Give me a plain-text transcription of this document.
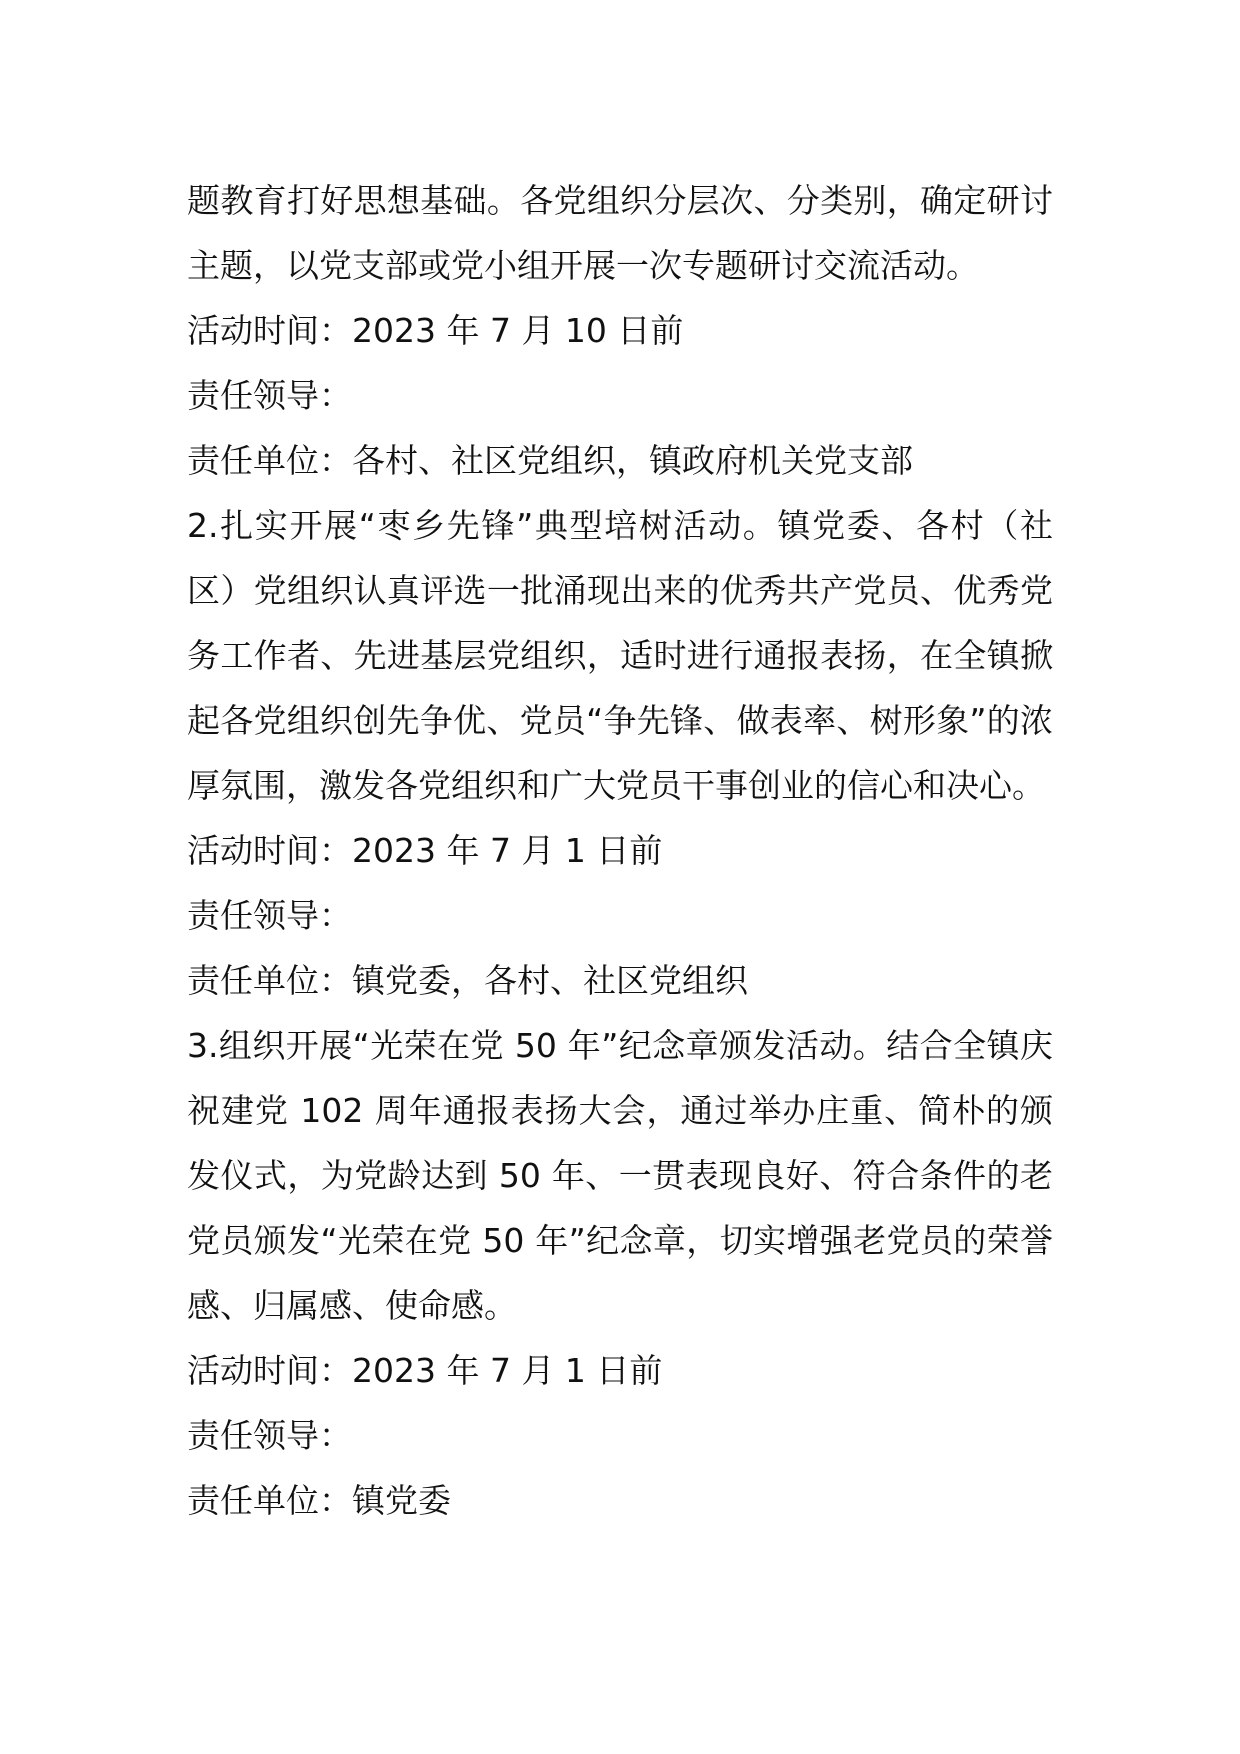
题教育打好思想基础。各党组织分层次、分类别，确定研讨主题，以党支部或党小组开展一次专题研讨交流活动。

活动时间：2023 年 7 月 10 日前

责任领导：

责任单位：各村、社区党组织，镇政府机关党支部

2.扎实开展“枣乡先锋”典型培树活动。镇党委、各村（社区）党组织认真评选一批涌现出来的优秀共产党员、优秀党务工作者、先进基层党组织，适时进行通报表扬，在全镇掀起各党组织创先争优、党员“争先锋、做表率、树形象”的浓厚氛围，激发各党组织和广大党员干事创业的信心和决心。

活动时间：2023 年 7 月 1 日前

责任领导：

责任单位：镇党委，各村、社区党组织

3.组织开展“光荣在党 50 年”纪念章颁发活动。结合全镇庆祝建党 102 周年通报表扬大会，通过举办庄重、简朴的颁发仪式，为党龄达到 50 年、一贯表现良好、符合条件的老党员颁发“光荣在党 50 年”纪念章，切实增强老党员的荣誉感、归属感、使命感。

活动时间：2023 年 7 月 1 日前

责任领导：

责任单位：镇党委
